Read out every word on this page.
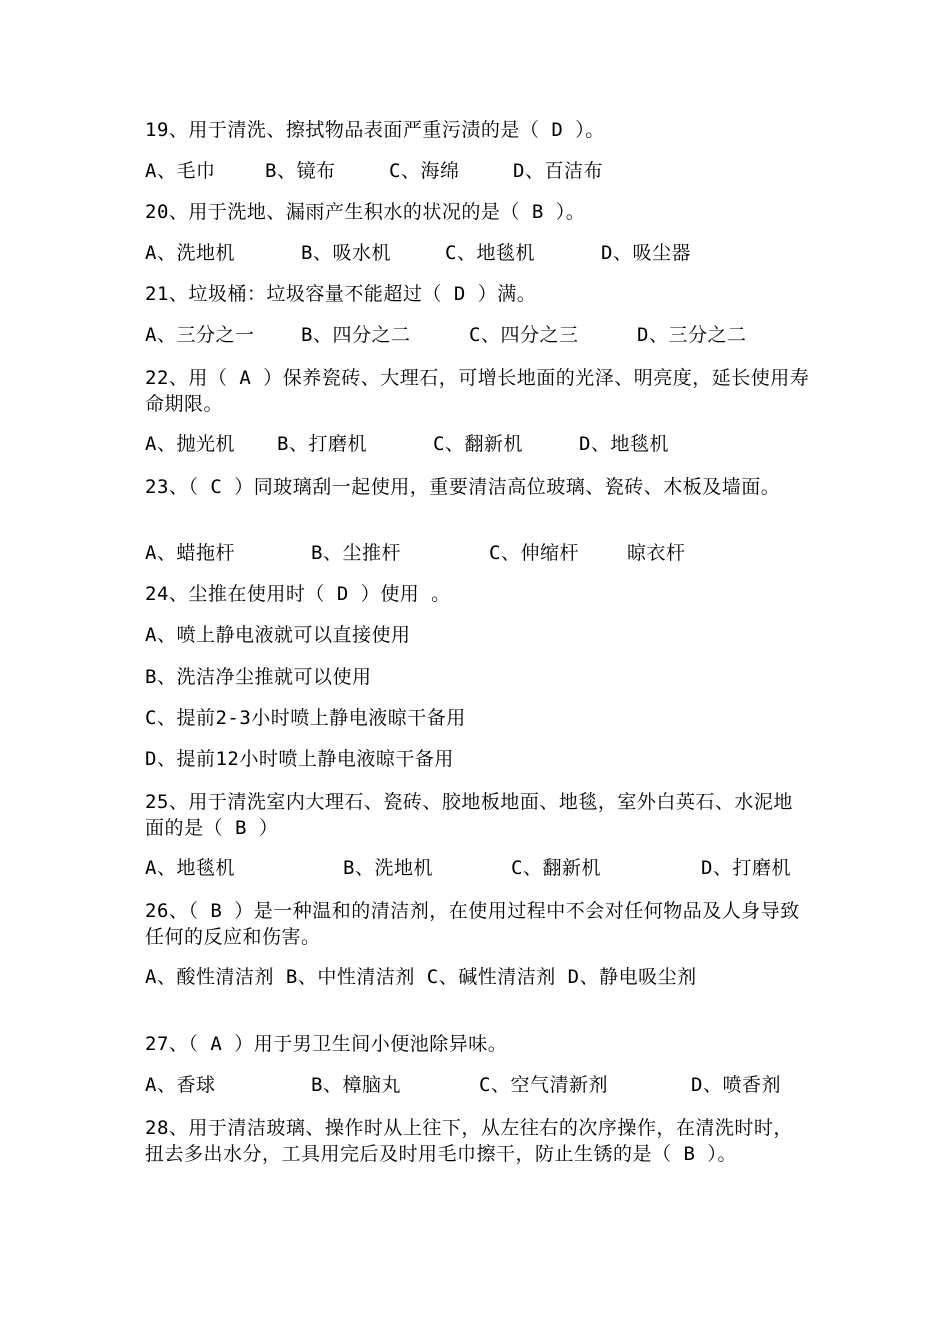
19、用于清洗、擦拭物品表面严重污渍的是（ D ）。
A、毛巾	B、镜布	C、海绵	D、百洁布
20、用于洗地、漏雨产生积水的状况的是（ B ）。
A、洗地机	B、吸水机	C、地毯机	D、吸尘器
21、垃圾桶：垃圾容量不能超过（ D ）满。
A、三分之一 B、四分之二	C、四分之三	D、三分之二
22、用（ A ）保养瓷砖、大理石，可增长地面的光泽、明亮度，延长使用寿命期限。
A、抛光机 B、打磨机	C、翻新机	D、地毯机
23、（ C ）同玻璃刮一起使用，重要清洁高位玻璃、瓷砖、木板及墙面。
A、蜡拖杆	B、尘推杆	C、伸缩杆	晾衣杆
24、尘推在使用时（ D ）使用 。
A、喷上静电液就可以直接使用
B、洗洁净尘推就可以使用
C、提前2-3小时喷上静电液晾干备用
D、提前12小时喷上静电液晾干备用
25、用于清洗室内大理石、瓷砖、胶地板地面、地毯，室外白英石、水泥地面的是（ B ）
A、地毯机	B、洗地机	C、翻新机	D、打磨机
26、（ B ）是一种温和的清洁剂，在使用过程中不会对任何物品及人身导致任何的反应和伤害。
A、酸性清洁剂 B、中性清洁剂 C、碱性清洁剂 D、静电吸尘剂
27、（ A ）用于男卫生间小便池除异味。
A、香球	B、樟脑丸	C、空气清新剂	D、喷香剂
28、用于清洁玻璃、操作时从上往下，从左往右的次序操作，在清洗时时，扭去多出水分，工具用完后及时用毛巾擦干，防止生锈的是（ B ）。
